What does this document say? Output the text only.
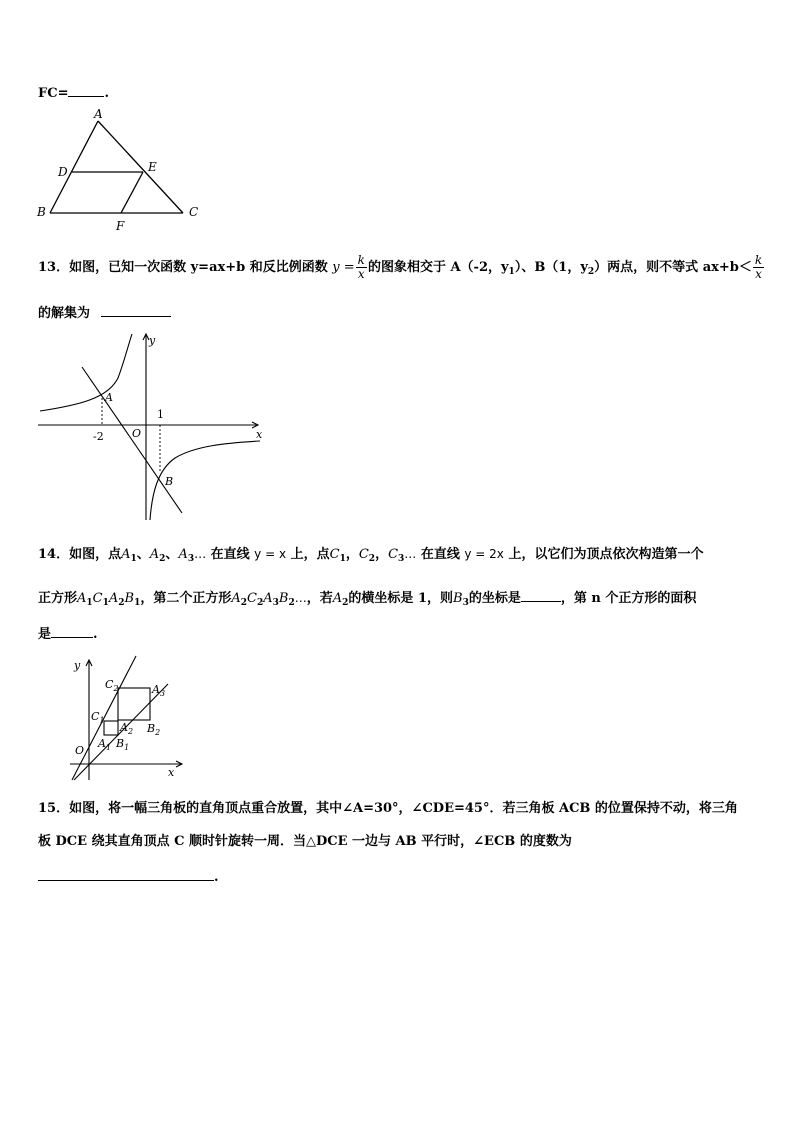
FC=	.
A
D	E
B
F
C
13．如图，已知一次函数 y=ax+b 和反比例函数 $y = \frac{k}{x}$ 的图象相交于 A（-2，$y_1$）、B（1，$y_2$）两点，则不等式 $ax+b< \frac{k}{x}$
的解集为
y
x
O
A
B
-2
1
14．如图，点$A_1$、$A_2$、$A_3\dots$ 在直线 y = x 上，点$C_1$，$C_2$，$C_3\dots$ 在直线 y = 2x 上，以它们为顶点依次构造第一个
正方形$A_1C_1A_2B_1$，第二个正方形$A_2C_2A_3B_2\dots$，若$A_2$的横坐标是 1，则$B_3$的坐标是	，第 n 个正方形的面积
是	.
y
x
O
$C_2$	$A_3$
$C_1$
$A_2$ $B_2$
$A_1$ $B_1$
15．如图，将一幅三角板的直角顶点重合放置，其中∠A=30°，∠CDE=45°．若三角板 ACB 的位置保持不动，将三角
板 DCE 绕其直角顶点 C 顺时针旋转一周．当△DCE 一边与 AB 平行时，∠ECB 的度数为
.
